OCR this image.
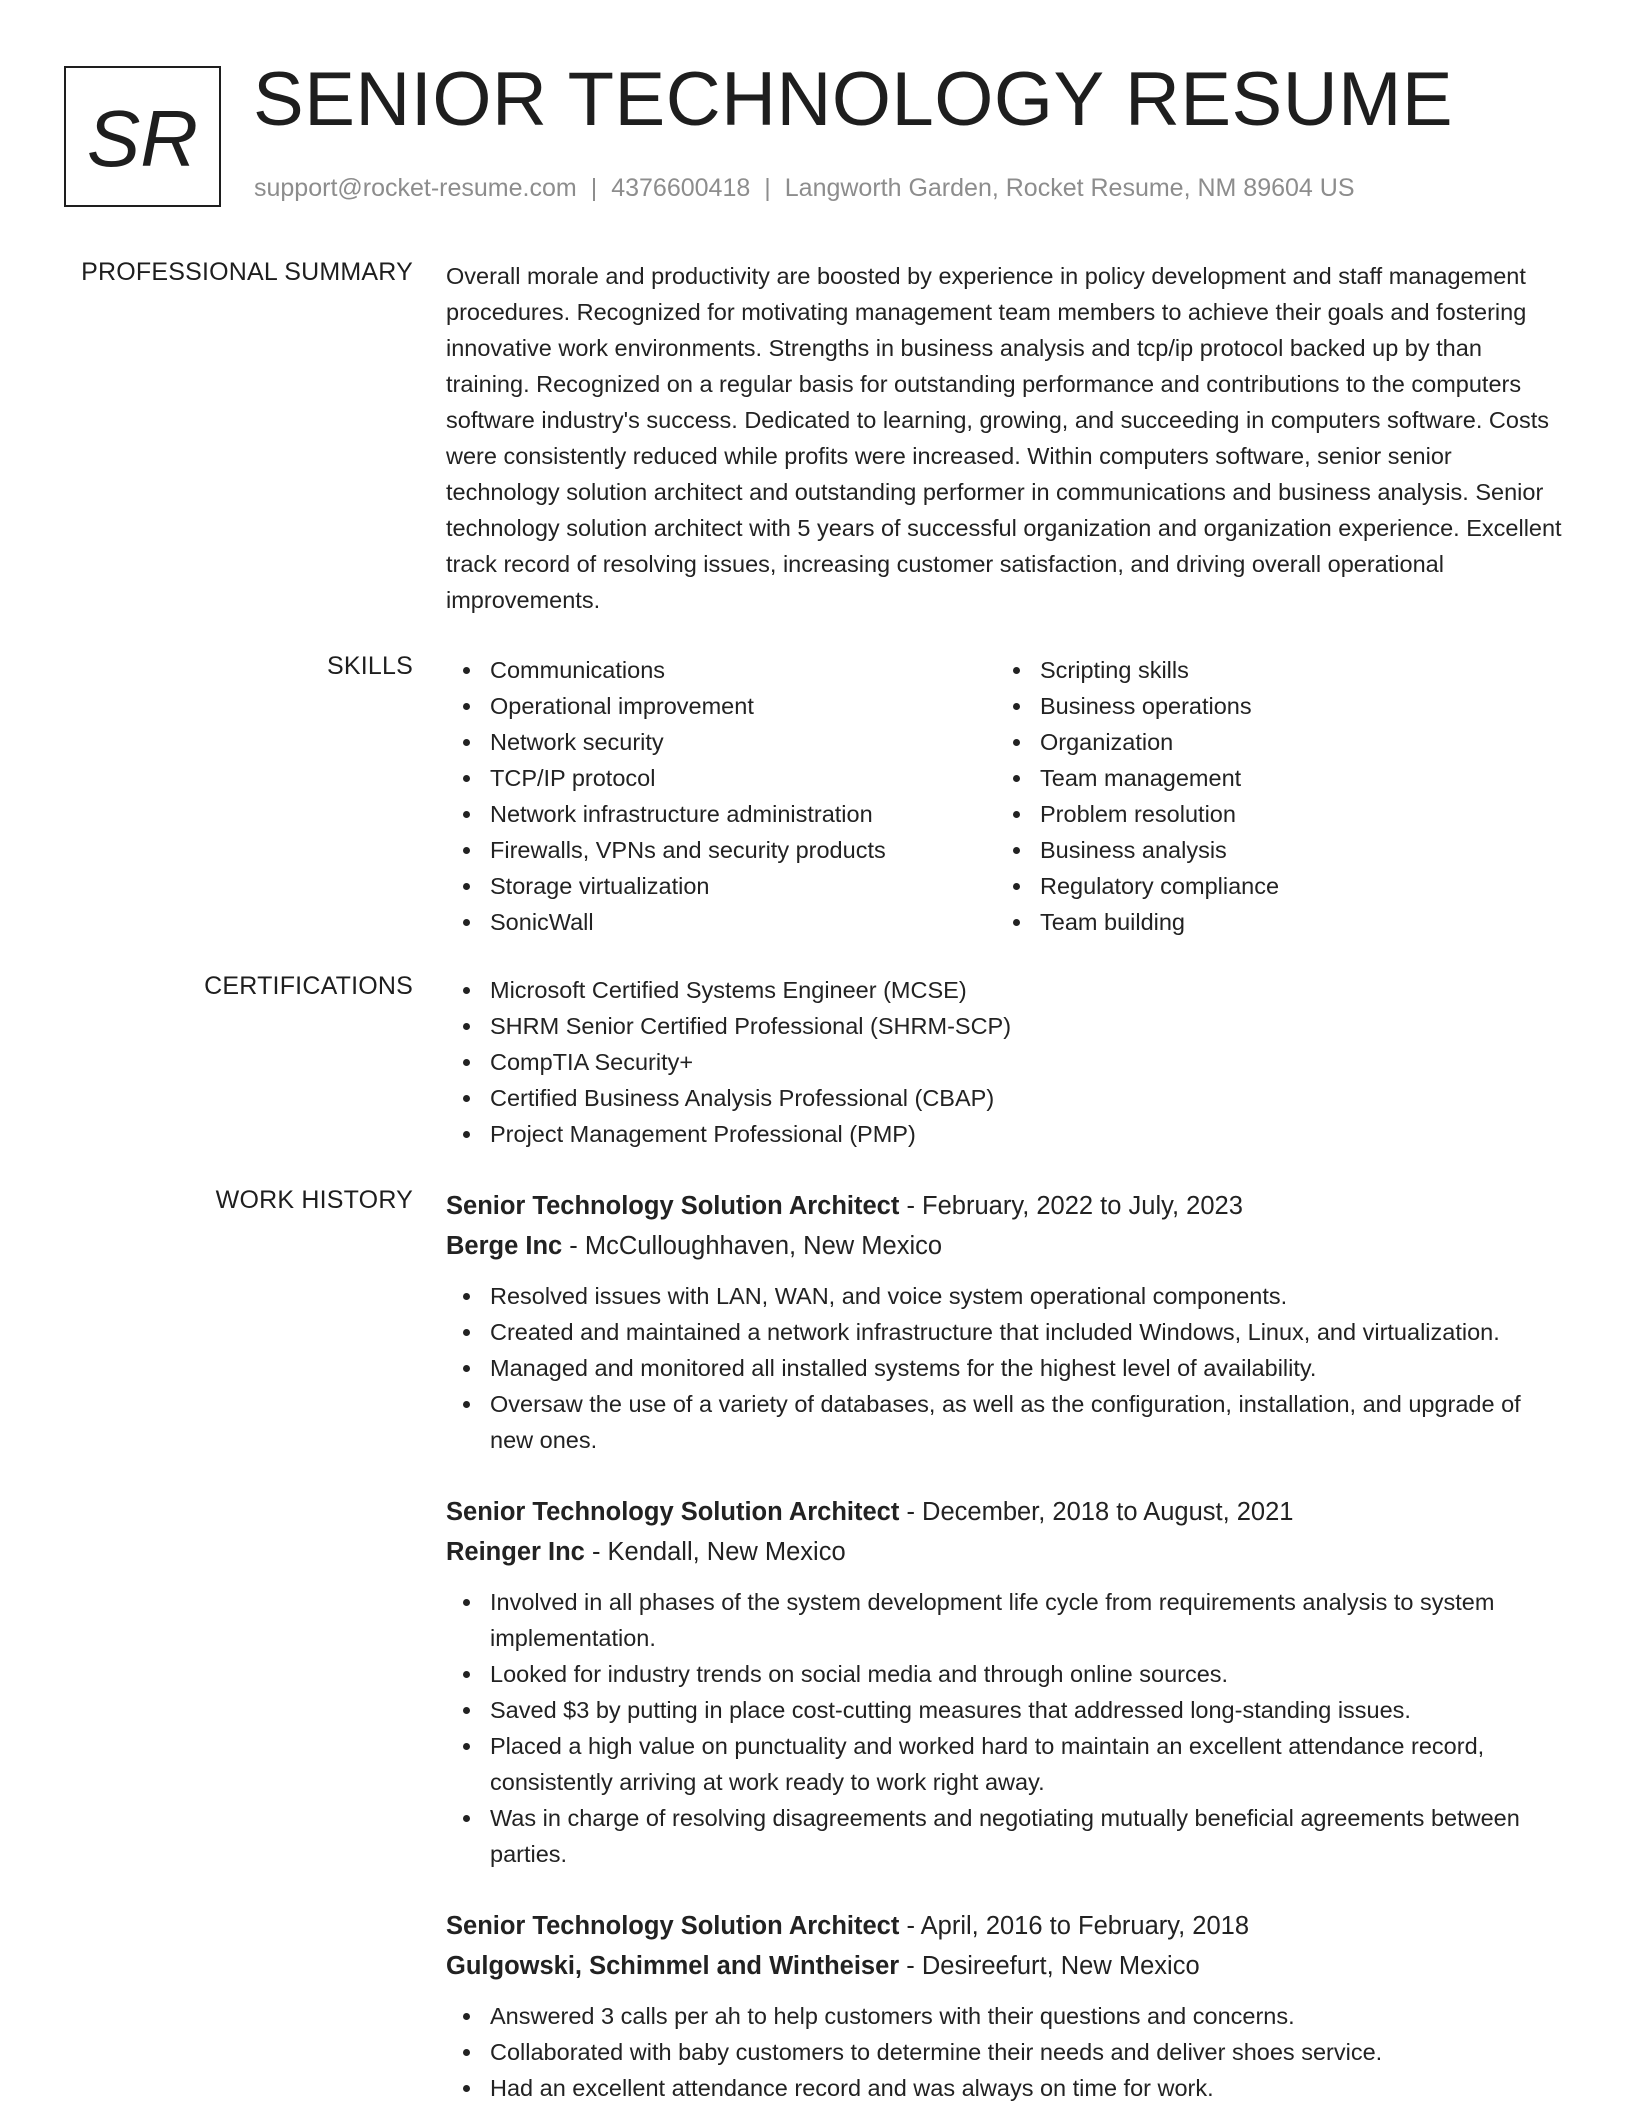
SR SENIOR TECHNOLOGY RESUME
support@rocket-resume.com | 4376600418 | Langworth Garden, Rocket Resume, NM 89604 US
PROFESSIONAL SUMMARY Overall morale and productivity are boosted by experience in policy development and staff management procedures. Recognized for motivating management team members to achieve their goals and fostering innovative work environments. Strengths in business analysis and tcp/ip protocol backed up by than training. Recognized on a regular basis for outstanding performance and contributions to the computers software industry's success. Dedicated to learning, growing, and succeeding in computers software. Costs were consistently reduced while profits were increased. Within computers software, senior senior technology solution architect and outstanding performer in communications and business analysis. Senior technology solution architect with 5 years of successful organization and organization experience. Excellent track record of resolving issues, increasing customer satisfaction, and driving overall operational improvements.

SKILLS	Communications
Operational improvement
Network security
TCP/IP protocol
Network infrastructure administration
Firewalls, VPNs and security products
Storage virtualization
SonicWall
Scripting skills
Business operations
Organization
Team management
Problem resolution
Business analysis
Regulatory compliance
Team building
CERTIFICATIONS	Microsoft Certified Systems Engineer (MCSE)
SHRM Senior Certified Professional (SHRM-SCP)
CompTIA Security+
Certified Business Analysis Professional (CBAP)
Project Management Professional (PMP)
WORK HISTORY Senior Technology Solution Architect - February, 2022 to July, 2023
Berge Inc - McCulloughhaven, New Mexico
Resolved issues with LAN, WAN, and voice system operational components.
Created and maintained a network infrastructure that included Windows, Linux, and virtualization.
Managed and monitored all installed systems for the highest level of availability.
Oversaw the use of a variety of databases, as well as the configuration, installation, and upgrade of new ones.
Senior Technology Solution Architect - December, 2018 to August, 2021
Reinger Inc - Kendall, New Mexico
Involved in all phases of the system development life cycle from requirements analysis to system implementation.
Looked for industry trends on social media and through online sources.
Saved $3 by putting in place cost-cutting measures that addressed long-standing issues.
Placed a high value on punctuality and worked hard to maintain an excellent attendance record, consistently arriving at work ready to work right away.
Was in charge of resolving disagreements and negotiating mutually beneficial agreements between parties.
Senior Technology Solution Architect - April, 2016 to February, 2018
Gulgowski, Schimmel and Wintheiser - Desireefurt, New Mexico
Answered 3 calls per ah to help customers with their questions and concerns.
Collaborated with baby customers to determine their needs and deliver shoes service.
Had an excellent attendance record and was always on time for work.
